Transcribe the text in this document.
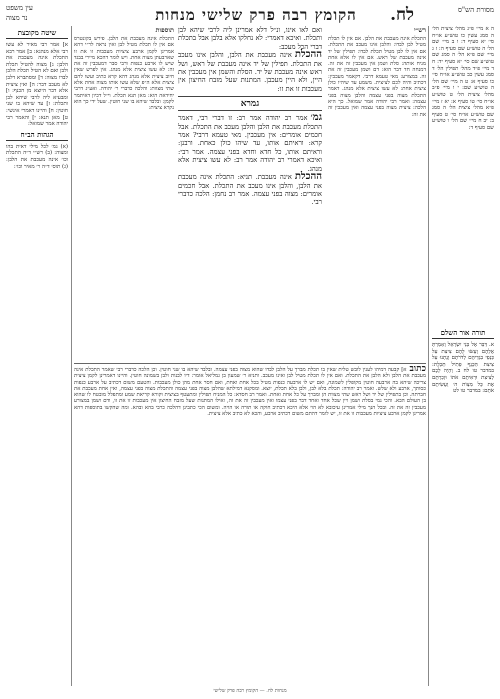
עין משפט
נר מצוה	הקומץ רבה פרק שלישי מנחות	לח.	מסורת הש"ס
ה א מיי׳ פ״ג מהל׳ ציצית הל׳ ה סמג עשין כו טוש״ע או״ח סי׳ יא סעיף ד: ו ב מיי׳ שם הל׳ ה טוש״ע שם סעיף ה: ז ג מיי׳ שם פ״א הל׳ ה סמג שם טוש״ע שם סי׳ יא סעיף יד: ח ד מיי׳ פ״ד מהל׳ תפילין הל׳ ד סמג עשין כב טוש״ע או״ח סי׳ כו סעיף א: ט ה מיי׳ שם הל׳ ה טוש״ע שם: י ו מיי׳ פ״ב מהל׳ ציצית הל׳ ט טוש״ע או״ח סי׳ טו סעיף א: יא ז מיי׳ פ״א מהל׳ ציצית הל׳ ה סמג שם טוש״ע או״ח סי׳ ט סעיף ב: יב ח מיי׳ שם הל׳ ו טוש״ע שם סעיף ד:
תורה אור השלם
א. דַּבֵּר אֶל בְּנֵי יִשְׂרָאֵל וְאָמַרְתָּ אֲלֵהֶם וְעָשׂוּ לָהֶם צִיצִת עַל כַּנְפֵי בִגְדֵיהֶם לְדֹרֹתָם וְנָתְנוּ עַל צִיצִת הַכָּנָף פְּתִיל תְּכֵלֶת: במדבר טו לח ב. וְהָיָה לָכֶם לְצִיצִת וּרְאִיתֶם אֹתוֹ וּזְכַרְתֶּם אֶת כָּל מִצְוֹת ה׳ וַעֲשִׂיתֶם אֹתָם: במדבר טו לט
שיטה מקובצת
א] אמר רבי מאיר לא עשו רבי אלא מנהגא: ב] אמר רבא התכלת אינה מעכבת את הלבן: ג] מצוה להטיל תכלת ולבן ואם לא הטיל תכלת הלבן לבדו מצוה: ד] ומסתברא דלבן לא מעכב דבר: ה] ואין ציצית אלא דבר היוצא מן הכנף: ו] ומבעיא ליה לרבי שיהא לבן ותכלת: ז] עד שיהא בו שני חוטין: ח] והיינו דאמרי אינשי: ט] מאן תנא: י] והאמר רבי יהודה אמר שמואל:
הגהות הב״ח
(א) גמ׳ לכל מילי דאית בהו ומצוה: (ב) רש״י ד״ה התכלת וכו׳ אינה מעכבת את הלבן: (ג) תוס׳ ד״ה ר׳ מאיר וכו׳:
רש״י
התכלת אינה מעכבת את הלבן. אם אין לו תכלת מטיל לבן לבדו: והלבן אינו מעכב את התכלת. אם אין לו לבן מטיל תכלת לבדו: תפילין של יד אינה מעכבת של ראש. אם אין לו אלא אחת מניח אותה: סלת ושמן אין מעכבין זה את זה. דמנחה חד דבר הוא: דם ושמן מעכבין זה את זה. במצורע: מאי טעמא דרבי. דקאמר מעכבין: דכתיב והיה לכם לציצית. משמע עד שיהיו כולן ציצית אחת: לא עשו ציצית אלא מנהג. דאמר התכלת מצוה בפני עצמה והלבן מצוה בפני עצמה: ואמר רבי יהודה אמר שמואל. כך היא הלכה: ציצית מצוה בפני עצמה ואין מעכבין זה את זה:
ואם לאו אינו, ונ״ל דלא אמרינן ליה לרבי שיהא לבן ותכלת. ואיכא דאמרי: לא נחלקו אלא בלבן אבל בתכלת דברי הכל מעכב:
ההכלתאינה מעכבת את הלבן, והלבן אינו מעכב את התכלת. תפילין של יד אינה מעכבת של ראש, ושל ראש אינה מעכבת של יד. הסלת והשמן אין מעכבין את היין, ולא היין מעכבן. המתנות שעל מזבח החיצון אין מעכבות זו את זו:
גמרא
גמ׳אמר רב יהודה אמר רב: זו דברי רבי, דאמר התכלת מעכבת את הלבן והלבן מעכב את התכלת. אבל חכמים אומרים: אין מעכבין. מאי טעמא דרבי? אמר קרא: וראיתם אותו, עד שיהו כולן כאחת. ורבנן: וראיתם אותו, כל חדא וחדא בפני עצמה. אמר רבי: ואיכא דאמרי רב יהודה אמר רב: לא עשו ציצית אלא מנהג.
ההכלתאינה מעכבת. תניא: התכלת אינה מעכבת את הלבן, והלבן אינו מעכב את התכלת. אבל חכמים אומרים: מצוה בפני עצמה. אמר רב נחמן: הלכה כדברי רבי.
תוספות
התכלת אינה מעכבת את הלבן. פירש בקונטרס אם אין לו תכלת מטיל לבן ואין נראה לר״י דהא אמרינן לקמן ארבע ציציות מעכבות זו את זו שארבעתן מצוה אחת. ויש לומר דהכא מיירי בבגד שיש לו ארבע כנפות ורבי סבר דמעכבין זה את זה: לא עשו ציצית אלא מנהג. אין לפרש שאין חיוב ציצית אלא מנהג דהא קרא כתיב ועשו להם ציצית אלא ה״פ שלא עשו אותו מצוה אחת אלא שתי מצוות: והלכה כדברי ר׳ יהודה. ואע״ג דרבי יחידאה הוא: מאן תנא תכלת. וי״ל דכיון דאיתמר לקמן: ובלבד שיהא בו שני חוטין. שעל ידי כך הוא נקרא ציצית:
כתובא] קבעה דמיהו לענין לובש טלית שאין בו תכלת מברך על הלבן לבדו שהוא מצוה בפני עצמה. ובלבד שיהא בו שני חוטין. וכן הלכה כדברי רבי שאמר התכלת אינה מעכבת את הלבן ולא הלבן את התכלת. ואם אין לו תכלת מטיל לבן ואינו מעכב. ותניא ר׳ שמעון בן גמליאל אומר: דיו לבנות ולבן בשמונה חוטין. והיינו דאמרינן לקמן ציצית צריכה שיהא בה ארבעה חוטין מקופלין לשמונה, ואם יש לו ארבעה כנפות מטיל בכל אחת ואחת, ואם חסר אחת מהן כולן מעכבות. והטעם משום דכתיב על ארבע כנפות כסותך, ארבע ולא שלש. ואמר רב יהודה: תכלת בלא לבן, ולבן בלא תכלת, יוצא. ומסקנא דמילתא שהלבן מצוה בפני עצמה והתכלת מצוה בפני עצמה, ואין אחת מעכבת את חברתה. וכן בתפילין של יד ושל ראש שתי מצוות הן ומברך על כל אחת ואחת. ואמר רב חסדא: כל המניח תפילין ומתעטף בציצית וקורא קריאת שמע ומתפלל מובטח לו שהוא בן העולם הבא. והכי נמי בסלת ושמן ויין שכל אחד ואחד דבר בפני עצמו ואין מעכבין זה את זה, ואילו המתנות שעל מזבח החיצון אין מעכבות זו את זו, ודם ושמן במצורע מעכבין זה את זה. ובכל הנך מילי אמרינן עיכובא לא הוי אלא היכא דכתיב חוקה או תורה או הויה. ומשום הכי כתבינן דהלכה כרבי בהא ובהא. ומה שהקשו בתוספות דהא אמרינן לקמן ארבע ציציות מעכבות זו את זו, יש לומר דהתם משום דכתיב ארבע, והכא לא כתיב אלא ציצית.
מנחות לח. — הקומץ רבה פרק שלישי
